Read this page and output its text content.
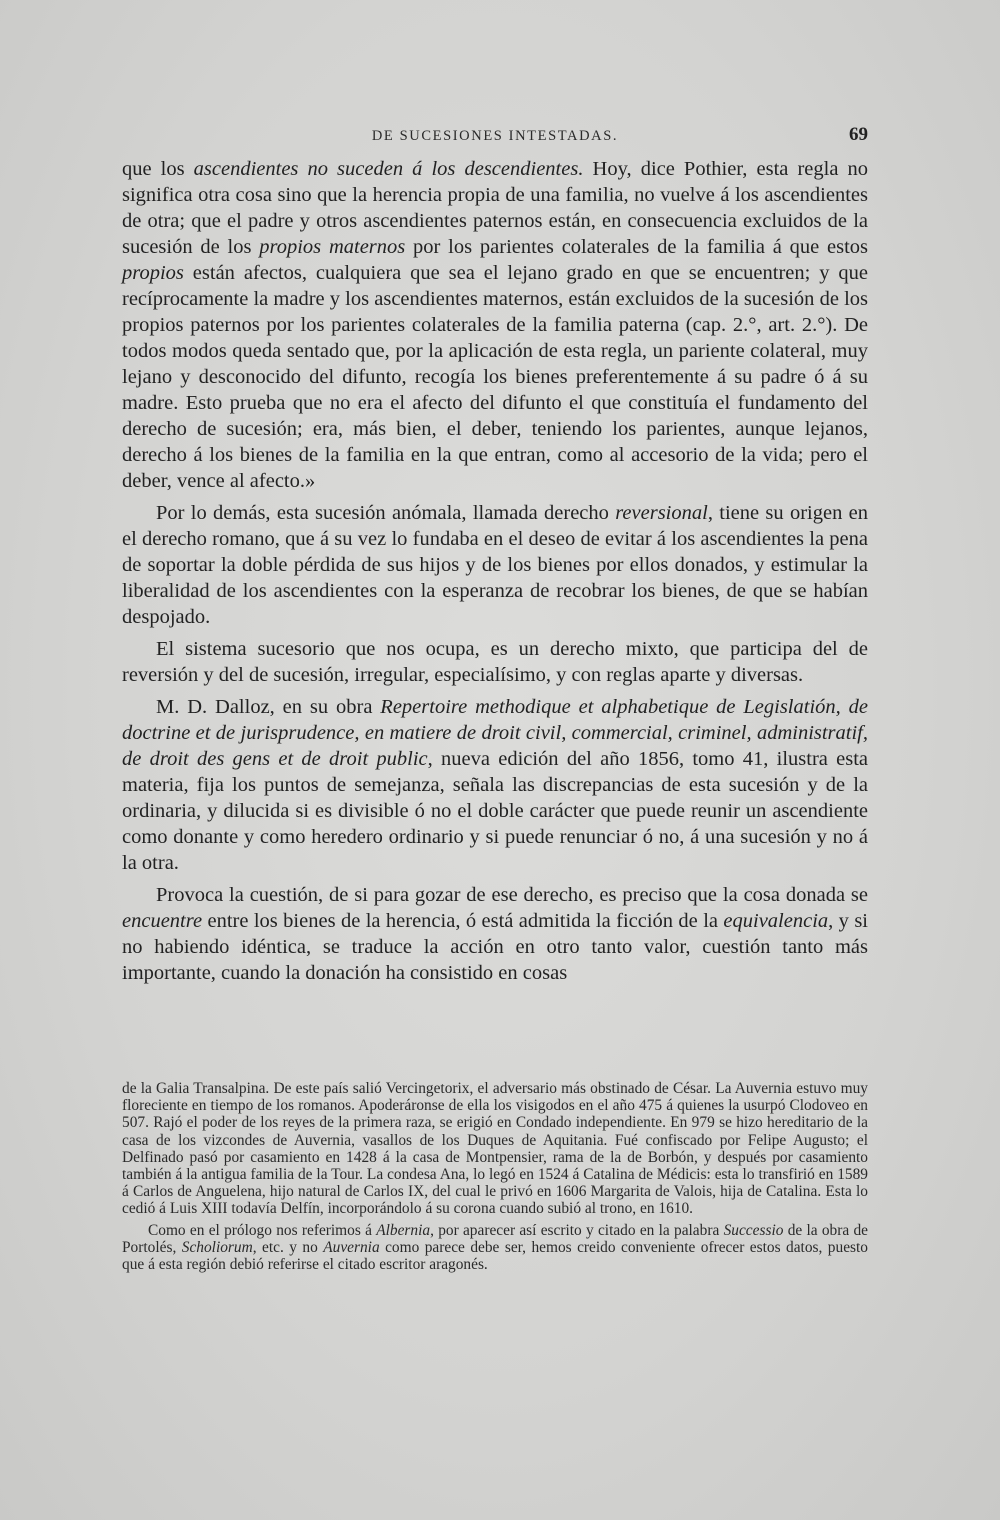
DE SUCESIONES INTESTADAS.	69

que los ascendientes no suceden á los descendientes. Hoy, dice Pothier, esta regla no significa otra cosa sino que la herencia propia de una familia, no vuelve á los ascendientes de otra; que el padre y otros ascendientes paternos están, en consecuencia excluidos de la sucesión de los propios maternos por los parientes colaterales de la familia á que estos propios están afectos, cualquiera que sea el lejano grado en que se encuentren; y que recíprocamente la madre y los ascendientes maternos, están excluidos de la sucesión de los propios paternos por los parientes colaterales de la familia paterna (cap. 2.°, art. 2.°). De todos modos queda sentado que, por la aplicación de esta regla, un pariente colateral, muy lejano y desconocido del difunto, recogía los bienes preferentemente á su padre ó á su madre. Esto prueba que no era el afecto del difunto el que constituía el fundamento del derecho de sucesión; era, más bien, el deber, teniendo los parientes, aunque lejanos, derecho á los bienes de la familia en la que entran, como al accesorio de la vida; pero el deber, vence al afecto.»

Por lo demás, esta sucesión anómala, llamada derecho reversional, tiene su origen en el derecho romano, que á su vez lo fundaba en el deseo de evitar á los ascendientes la pena de soportar la doble pérdida de sus hijos y de los bienes por ellos donados, y estimular la liberalidad de los ascendientes con la esperanza de recobrar los bienes, de que se habían despojado.

El sistema sucesorio que nos ocupa, es un derecho mixto, que participa del de reversión y del de sucesión, irregular, especialísimo, y con reglas aparte y diversas.

M. D. Dalloz, en su obra Repertoire methodique et alphabetique de Legislatión, de doctrine et de jurisprudence, en matiere de droit civil, commercial, criminel, administratif, de droit des gens et de droit public, nueva edición del año 1856, tomo 41, ilustra esta materia, fija los puntos de semejanza, señala las discrepancias de esta sucesión y de la ordinaria, y dilucida si es divisible ó no el doble carácter que puede reunir un ascendiente como donante y como heredero ordinario y si puede renunciar ó no, á una sucesión y no á la otra.

Provoca la cuestión, de si para gozar de ese derecho, es preciso que la cosa donada se encuentre entre los bienes de la herencia, ó está admitida la ficción de la equivalencia, y si no habiendo idéntica, se traduce la acción en otro tanto valor, cuestión tanto más importante, cuando la donación ha consistido en cosas

de la Galia Transalpina. De este país salió Vercingetorix, el adversario más obstinado de César. La Auvernia estuvo muy floreciente en tiempo de los romanos. Apoderáronse de ella los visigodos en el año 475 á quienes la usurpó Clodoveo en 507. Rajó el poder de los reyes de la primera raza, se erigió en Condado independiente. En 979 se hizo hereditario de la casa de los vizcondes de Auvernia, vasallos de los Duques de Aquitania. Fué confiscado por Felipe Augusto; el Delfinado pasó por casamiento en 1428 á la casa de Montpensier, rama de la de Borbón, y después por casamiento también á la antigua familia de la Tour. La condesa Ana, lo legó en 1524 á Catalina de Médicis: esta lo transfirió en 1589 á Carlos de Anguelena, hijo natural de Carlos IX, del cual le privó en 1606 Margarita de Valois, hija de Catalina. Esta lo cedió á Luis XIII todavía Delfín, incorporándolo á su corona cuando subió al trono, en 1610.

Como en el prólogo nos referimos á Albernia, por aparecer así escrito y citado en la palabra Successio de la obra de Portolés, Scholiorum, etc. y no Auvernia como parece debe ser, hemos creido conveniente ofrecer estos datos, puesto que á esta región debió referirse el citado escritor aragonés.
